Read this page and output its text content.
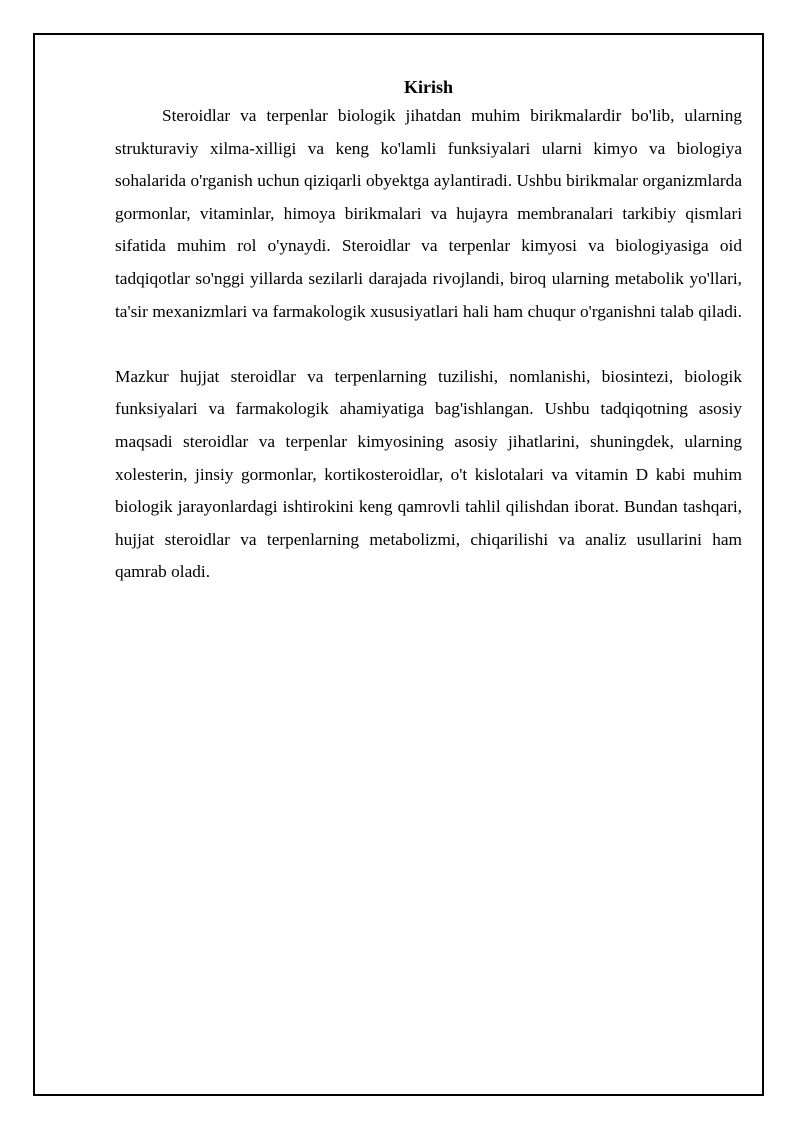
Kirish

Steroidlar va terpenlar biologik jihatdan muhim birikmalardir bo'lib, ularning strukturaviy xilma-xilligi va keng ko'lamli funksiyalari ularni kimyo va biologiya sohalarida o'rganish uchun qiziqarli obyektga aylantiradi. Ushbu birikmalar organizmlarda gormonlar, vitaminlar, himoya birikmalari va hujayra membranalari tarkibiy qismlari sifatida muhim rol o'ynaydi. Steroidlar va terpenlar kimyosi va biologiyasiga oid tadqiqotlar so'nggi yillarda sezilarli darajada rivojlandi, biroq ularning metabolik yo'llari, ta'sir mexanizmlari va farmakologik xususiyatlari hali ham chuqur o'rganishni talab qiladi.

Mazkur hujjat steroidlar va terpenlarning tuzilishi, nomlanishi, biosintezi, biologik funksiyalari va farmakologik ahamiyatiga bag'ishlangan. Ushbu tadqiqotning asosiy maqsadi steroidlar va terpenlar kimyosining asosiy jihatlarini, shuningdek, ularning xolesterin, jinsiy gormonlar, kortikosteroidlar, o't kislotalari va vitamin D kabi muhim biologik jarayonlardagi ishtirokini keng qamrovli tahlil qilishdan iborat. Bundan tashqari, hujjat steroidlar va terpenlarning metabolizmi, chiqarilishi va analiz usullarini ham qamrab oladi.
